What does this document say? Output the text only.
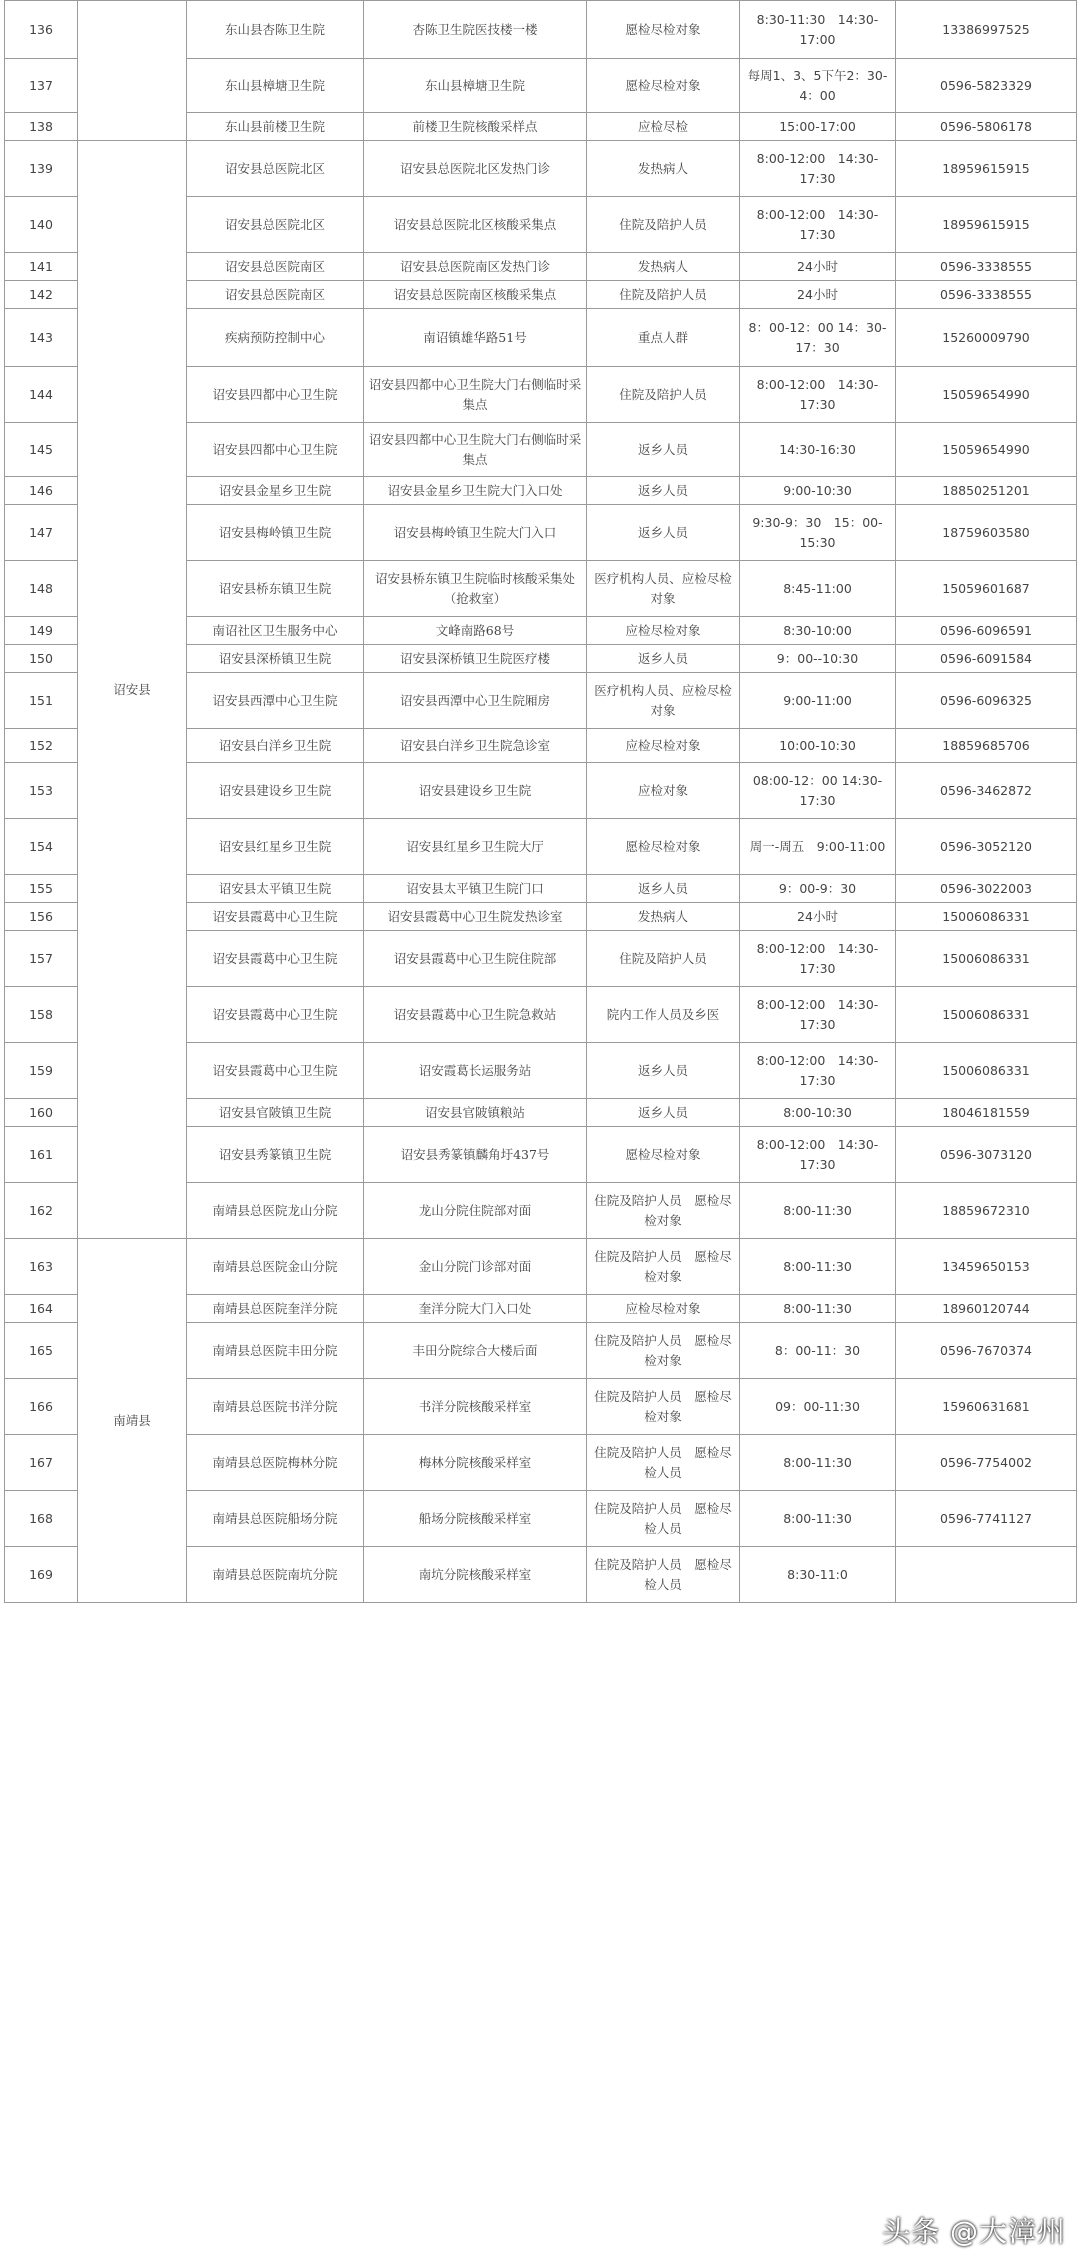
136		东山县杏陈卫生院	杏陈卫生院医技楼一楼	愿检尽检对象	8:30-11:30　14:30-17:00	13386997525
137		东山县樟塘卫生院	东山县樟塘卫生院	愿检尽检对象	每周1、3、5下午2：30-4：00	0596-5823329
138		东山县前楼卫生院	前楼卫生院核酸采样点	应检尽检	15:00-17:00	0596-5806178
139	诏安县	诏安县总医院北区	诏安县总医院北区发热门诊	发热病人	8:00-12:00　14:30-17:30	18959615915
140		诏安县总医院北区	诏安县总医院北区核酸采集点	住院及陪护人员	8:00-12:00　14:30-17:30	18959615915
141		诏安县总医院南区	诏安县总医院南区发热门诊	发热病人	24小时	0596-3338555
142		诏安县总医院南区	诏安县总医院南区核酸采集点	住院及陪护人员	24小时	0596-3338555
143		疾病预防控制中心	南诏镇雄华路51号	重点人群	8：00-12：00 14：30-17：30	15260009790
144		诏安县四都中心卫生院	诏安县四都中心卫生院大门右侧临时采集点	住院及陪护人员	8:00-12:00　14:30-17:30	15059654990
145		诏安县四都中心卫生院	诏安县四都中心卫生院大门右侧临时采集点	返乡人员	14:30-16:30	15059654990
146		诏安县金星乡卫生院	诏安县金星乡卫生院大门入口处	返乡人员	9:00-10:30	18850251201
147		诏安县梅岭镇卫生院	诏安县梅岭镇卫生院大门入口	返乡人员	9:30-9：30　15：00-15:30	18759603580
148		诏安县桥东镇卫生院	诏安县桥东镇卫生院临时核酸采集处（抢救室）	医疗机构人员、应检尽检对象	8:45-11:00	15059601687
149		南诏社区卫生服务中心	文峰南路68号	应检尽检对象	8:30-10:00	0596-6096591
150		诏安县深桥镇卫生院	诏安县深桥镇卫生院医疗楼	返乡人员	9：00--10:30	0596-6091584
151		诏安县西潭中心卫生院	诏安县西潭中心卫生院厢房	医疗机构人员、应检尽检对象	9:00-11:00	0596-6096325
152		诏安县白洋乡卫生院	诏安县白洋乡卫生院急诊室	应检尽检对象	10:00-10:30	18859685706
153		诏安县建设乡卫生院	诏安县建设乡卫生院	应检对象	08:00-12：00 14:30-17:30	0596-3462872
154		诏安县红星乡卫生院	诏安县红星乡卫生院大厅	愿检尽检对象	周一-周五　9:00-11:00	0596-3052120
155		诏安县太平镇卫生院	诏安县太平镇卫生院门口	返乡人员	9：00-9：30	0596-3022003
156		诏安县霞葛中心卫生院	诏安县霞葛中心卫生院发热诊室	发热病人	24小时	15006086331
157		诏安县霞葛中心卫生院	诏安县霞葛中心卫生院住院部	住院及陪护人员	8:00-12:00　14:30-17:30	15006086331
158		诏安县霞葛中心卫生院	诏安县霞葛中心卫生院急救站	院内工作人员及乡医	8:00-12:00　14:30-17:30	15006086331
159		诏安县霞葛中心卫生院	诏安霞葛长运服务站	返乡人员	8:00-12:00　14:30-17:30	15006086331
160		诏安县官陂镇卫生院	诏安县官陂镇粮站	返乡人员	8:00-10:30	18046181559
161		诏安县秀篆镇卫生院	诏安县秀篆镇麟角圩437号	愿检尽检对象	8:00-12:00　14:30-17:30	0596-3073120
162		南靖县总医院龙山分院	龙山分院住院部对面	住院及陪护人员　愿检尽检对象	8:00-11:30	18859672310
163	南靖县	南靖县总医院金山分院	金山分院门诊部对面	住院及陪护人员　愿检尽检对象	8:00-11:30	13459650153
164		南靖县总医院奎洋分院	奎洋分院大门入口处	应检尽检对象	8:00-11:30	18960120744
165		南靖县总医院丰田分院	丰田分院综合大楼后面	住院及陪护人员　愿检尽检对象	8：00-11：30	0596-7670374
166		南靖县总医院书洋分院	书洋分院核酸采样室	住院及陪护人员　愿检尽检对象	09：00-11:30	15960631681
167		南靖县总医院梅林分院	梅林分院核酸采样室	住院及陪护人员　愿检尽检人员	8:00-11:30	0596-7754002
168		南靖县总医院船场分院	船场分院核酸采样室	住院及陪护人员　愿检尽检人员	8:00-11:30	0596-7741127
169		南靖县总医院南坑分院	南坑分院核酸采样室	住院及陪护人员　愿检尽检人员	8:30-11:0	
头条 @大漳州
